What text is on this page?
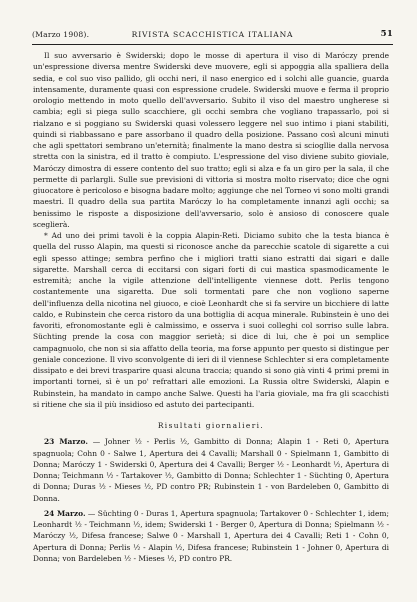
(Marzo 1908).	RIVISTA SCACCHISTICA ITALIANA	51

Il suo avversario è Swiderski; dopo le mosse di apertura il viso di Maróczy prende un'espressione diversa mentre Swiderski deve muovere, egli si appoggia alla spalliera della sedia, e col suo viso pallido, gli occhi neri, il naso energico ed i solchi alle guancie, guarda intensamente, duramente quasi con espressione crudele. Swiderski muove e ferma il proprio orologio mettendo in moto quello dell'avversario. Subito il viso del maestro ungherese si cambia; egli si piega sullo scacchiere, gli occhi sembra che vogliano trapassarlo, poi si rialzano e si poggiano su Swiderski quasi volessero leggere nel suo intimo i piani stabiliti, quindi si riabbassano e pare assorbano il quadro della posizione. Passano così alcuni minuti che agli spettatori sembrano un'eternità; finalmente la mano destra si sciogllie dalla nervosa stretta con la sinistra, ed il tratto è compiuto. L'espressione del viso diviene subito gioviale, Maróczy dimostra di essere contento del suo tratto; egli si alza e fa un giro per la sala, il che permette di parlargli. Sulle sue previsioni di vittoria si mostra molto riservato; dice che ogni giuocatore è pericoloso e bisogna badare molto; aggiunge che nel Torneo vi sono molti grandi maestri. Il quadro della sua partita Maróczy lo ha completamente innanzi agli occhi; sa benissimo le risposte a disposizione dell'avversario, solo è ansioso di conoscere quale sceglierà.

* Ad uno dei primi tavoli è la coppia Alapin-Reti. Diciamo subito che la testa bianca è quella del russo Alapin, ma questi si riconosce anche da parecchie scatole di sigarette a cui egli spesso attinge; sembra perfino che i migliori tratti siano estratti dai sigari e dalle sigarette. Marshall cerca di eccitarsi con sigari forti di cui mastica spasmodicamente le estremità; anche la vigile attenzione dell'intelligente viennese dott. Perlis tengono costantemente una sigaretta. Due soli tormentati pare che non vogliono saperne dell'influenza della nicotina nel giuoco, e cioè Leonhardt che si fa servire un bicchiere di latte caldo, e Rubinstein che cerca ristoro da una bottiglia di acqua minerale. Rubinstein è uno dei favoriti, efronomostante egli è calmissimo, e osserva i suoi colleghi col sorriso sulle labra. Süchting prende la cosa con maggior serietà; si dice di lui, che è poi un semplice campagnuolo, che non si sia affatto della teoria, ma forse appunto per questo si distingue per geniale concezione. Il vivo sconvolgente di ieri di il viennese Schlechter si era completamente dissipato e dei brevi trasparire quasi alcuna traccia; quando si sono già vinti 4 primi premi in importanti tornei, sì è un po' refrattari alle emozioni. La Russia oltre Swiderski, Alapin e Rubinstein, ha mandato in campo anche Salwe. Questi ha l'aria gioviale, ma fra gli scacchisti si ritiene che sia il più insidioso ed astuto dei partecipanti.

Risultati giornalieri.

23 Marzo. — Johner ½ - Perlis ½, Gambitto di Donna; Alapin 1 - Reti 0, Apertura spagnuola; Cohn 0 - Salwe 1, Apertura dei 4 Cavalli; Marshall 0 - Spielmann 1, Gambitto di Donna; Maróczy 1 - Swiderski 0, Apertura dei 4 Cavalli; Berger ½ - Leonhardt ½, Apertura di Donna; Teichmann ½ - Tartakover ½, Gambitto di Donna; Schlechter 1 - Süchting 0, Apertura di Donna; Duras ½ - Mieses ½, PD contro PR; Rubinstein 1 - von Bardeleben 0, Gambitto di Donna.

24 Marzo. — Süchting 0 - Duras 1, Apertura spagnuola; Tartakover 0 - Schlechter 1, idem; Leonhardt ½ - Teichmann ½, idem; Swiderski 1 - Berger 0, Apertura di Donna; Spielmann ½ - Maróczy ½, Difesa francese; Salwe 0 - Marshall 1, Apertura dei 4 Cavalli; Reti 1 - Cohn 0, Apertura di Donna; Perlis ½ - Alapin ½, Difesa francese; Rubinstein 1 - Johner 0, Apertura di Donna; von Bardeleben ½ - Mieses ½, PD contro PR.
